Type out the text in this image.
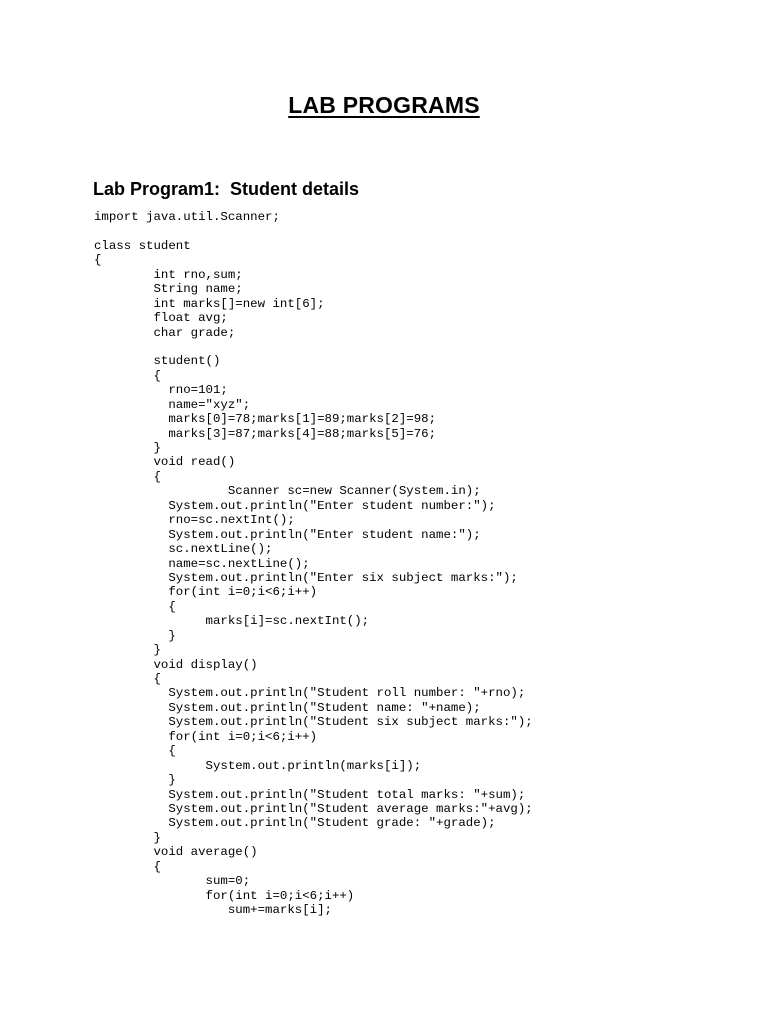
LAB PROGRAMS
Lab Program1:  Student details
import java.util.Scanner;
class student
{
int rno,sum;
String name;
int marks[]=new int[6];
float avg;
char grade;
student()
{
rno=101;
name="xyz";
marks[0]=78;marks[1]=89;marks[2]=98;
marks[3]=87;marks[4]=88;marks[5]=76;
}
void read()
{
Scanner sc=new Scanner(System.in);
System.out.println("Enter student number:");
rno=sc.nextInt();
System.out.println("Enter student name:");
sc.nextLine();
name=sc.nextLine();
System.out.println("Enter six subject marks:");
for(int i=0;i<6;i++)
{
marks[i]=sc.nextInt();
}
}
void display()
{
System.out.println("Student roll number: "+rno);
System.out.println("Student name: "+name);
System.out.println("Student six subject marks:");
for(int i=0;i<6;i++)
{
System.out.println(marks[i]);
}
System.out.println("Student total marks: "+sum);
System.out.println("Student average marks:"+avg);
System.out.println("Student grade: "+grade);
}
void average()
{
sum=0;
for(int i=0;i<6;i++)
sum+=marks[i];
